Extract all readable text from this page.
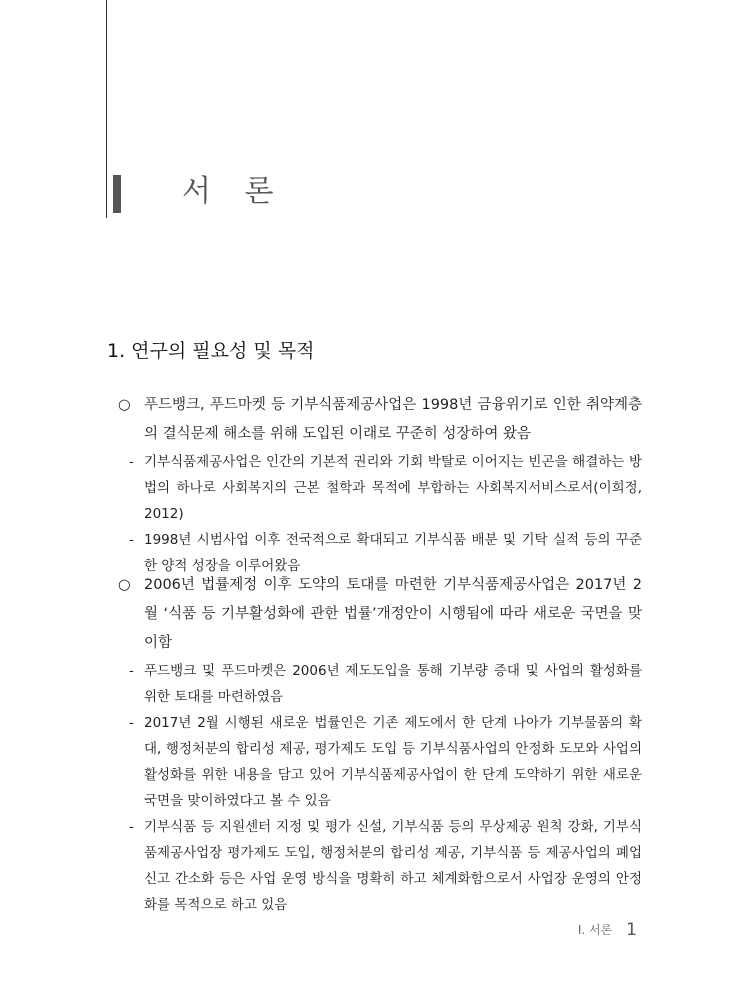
서 론
1. 연구의 필요성 및 목적
○ 푸드뱅크, 푸드마켓 등 기부식품제공사업은 1998년 금융위기로 인한 취약계층의 결식문제 해소를 위해 도입된 이래로 꾸준히 성장하여 왔음
- 기부식품제공사업은 인간의 기본적 권리와 기회 박탈로 이어지는 빈곤을 해결하는 방법의 하나로 사회복지의 근본 철학과 목적에 부합하는 사회복지서비스로서(이희정, 2012)
- 1998년 시범사업 이후 전국적으로 확대되고 기부식품 배분 및 기탁 실적 등의 꾸준한 양적 성장을 이루어왔음
○ 2006년 법률제정 이후 도약의 토대를 마련한 기부식품제공사업은 2017년 2월 ‘식품 등 기부활성화에 관한 법률’개정안이 시행됨에 따라 새로운 국면을 맞이함
- 푸드뱅크 및 푸드마켓은 2006년 제도도입을 통해 기부량 증대 및 사업의 활성화를 위한 토대를 마련하였음
- 2017년 2월 시행된 새로운 법률인은 기존 제도에서 한 단계 나아가 기부물품의 확대, 행정처분의 합리성 제공, 평가제도 도입 등 기부식품사업의 안정화 도모와 사업의 활성화를 위한 내용을 담고 있어 기부식품제공사업이 한 단계 도약하기 위한 새로운 국면을 맞이하였다고 볼 수 있음
- 기부식품 등 지원센터 지정 및 평가 신설, 기부식품 등의 무상제공 원칙 강화, 기부식품제공사업장 평가제도 도입, 행정처분의 합리성 제공, 기부식품 등 제공사업의 폐업신고 간소화 등은 사업 운영 방식을 명확히 하고 체계화함으로서 사업장 운영의 안정화를 목적으로 하고 있음
Ⅰ. 서론 1
